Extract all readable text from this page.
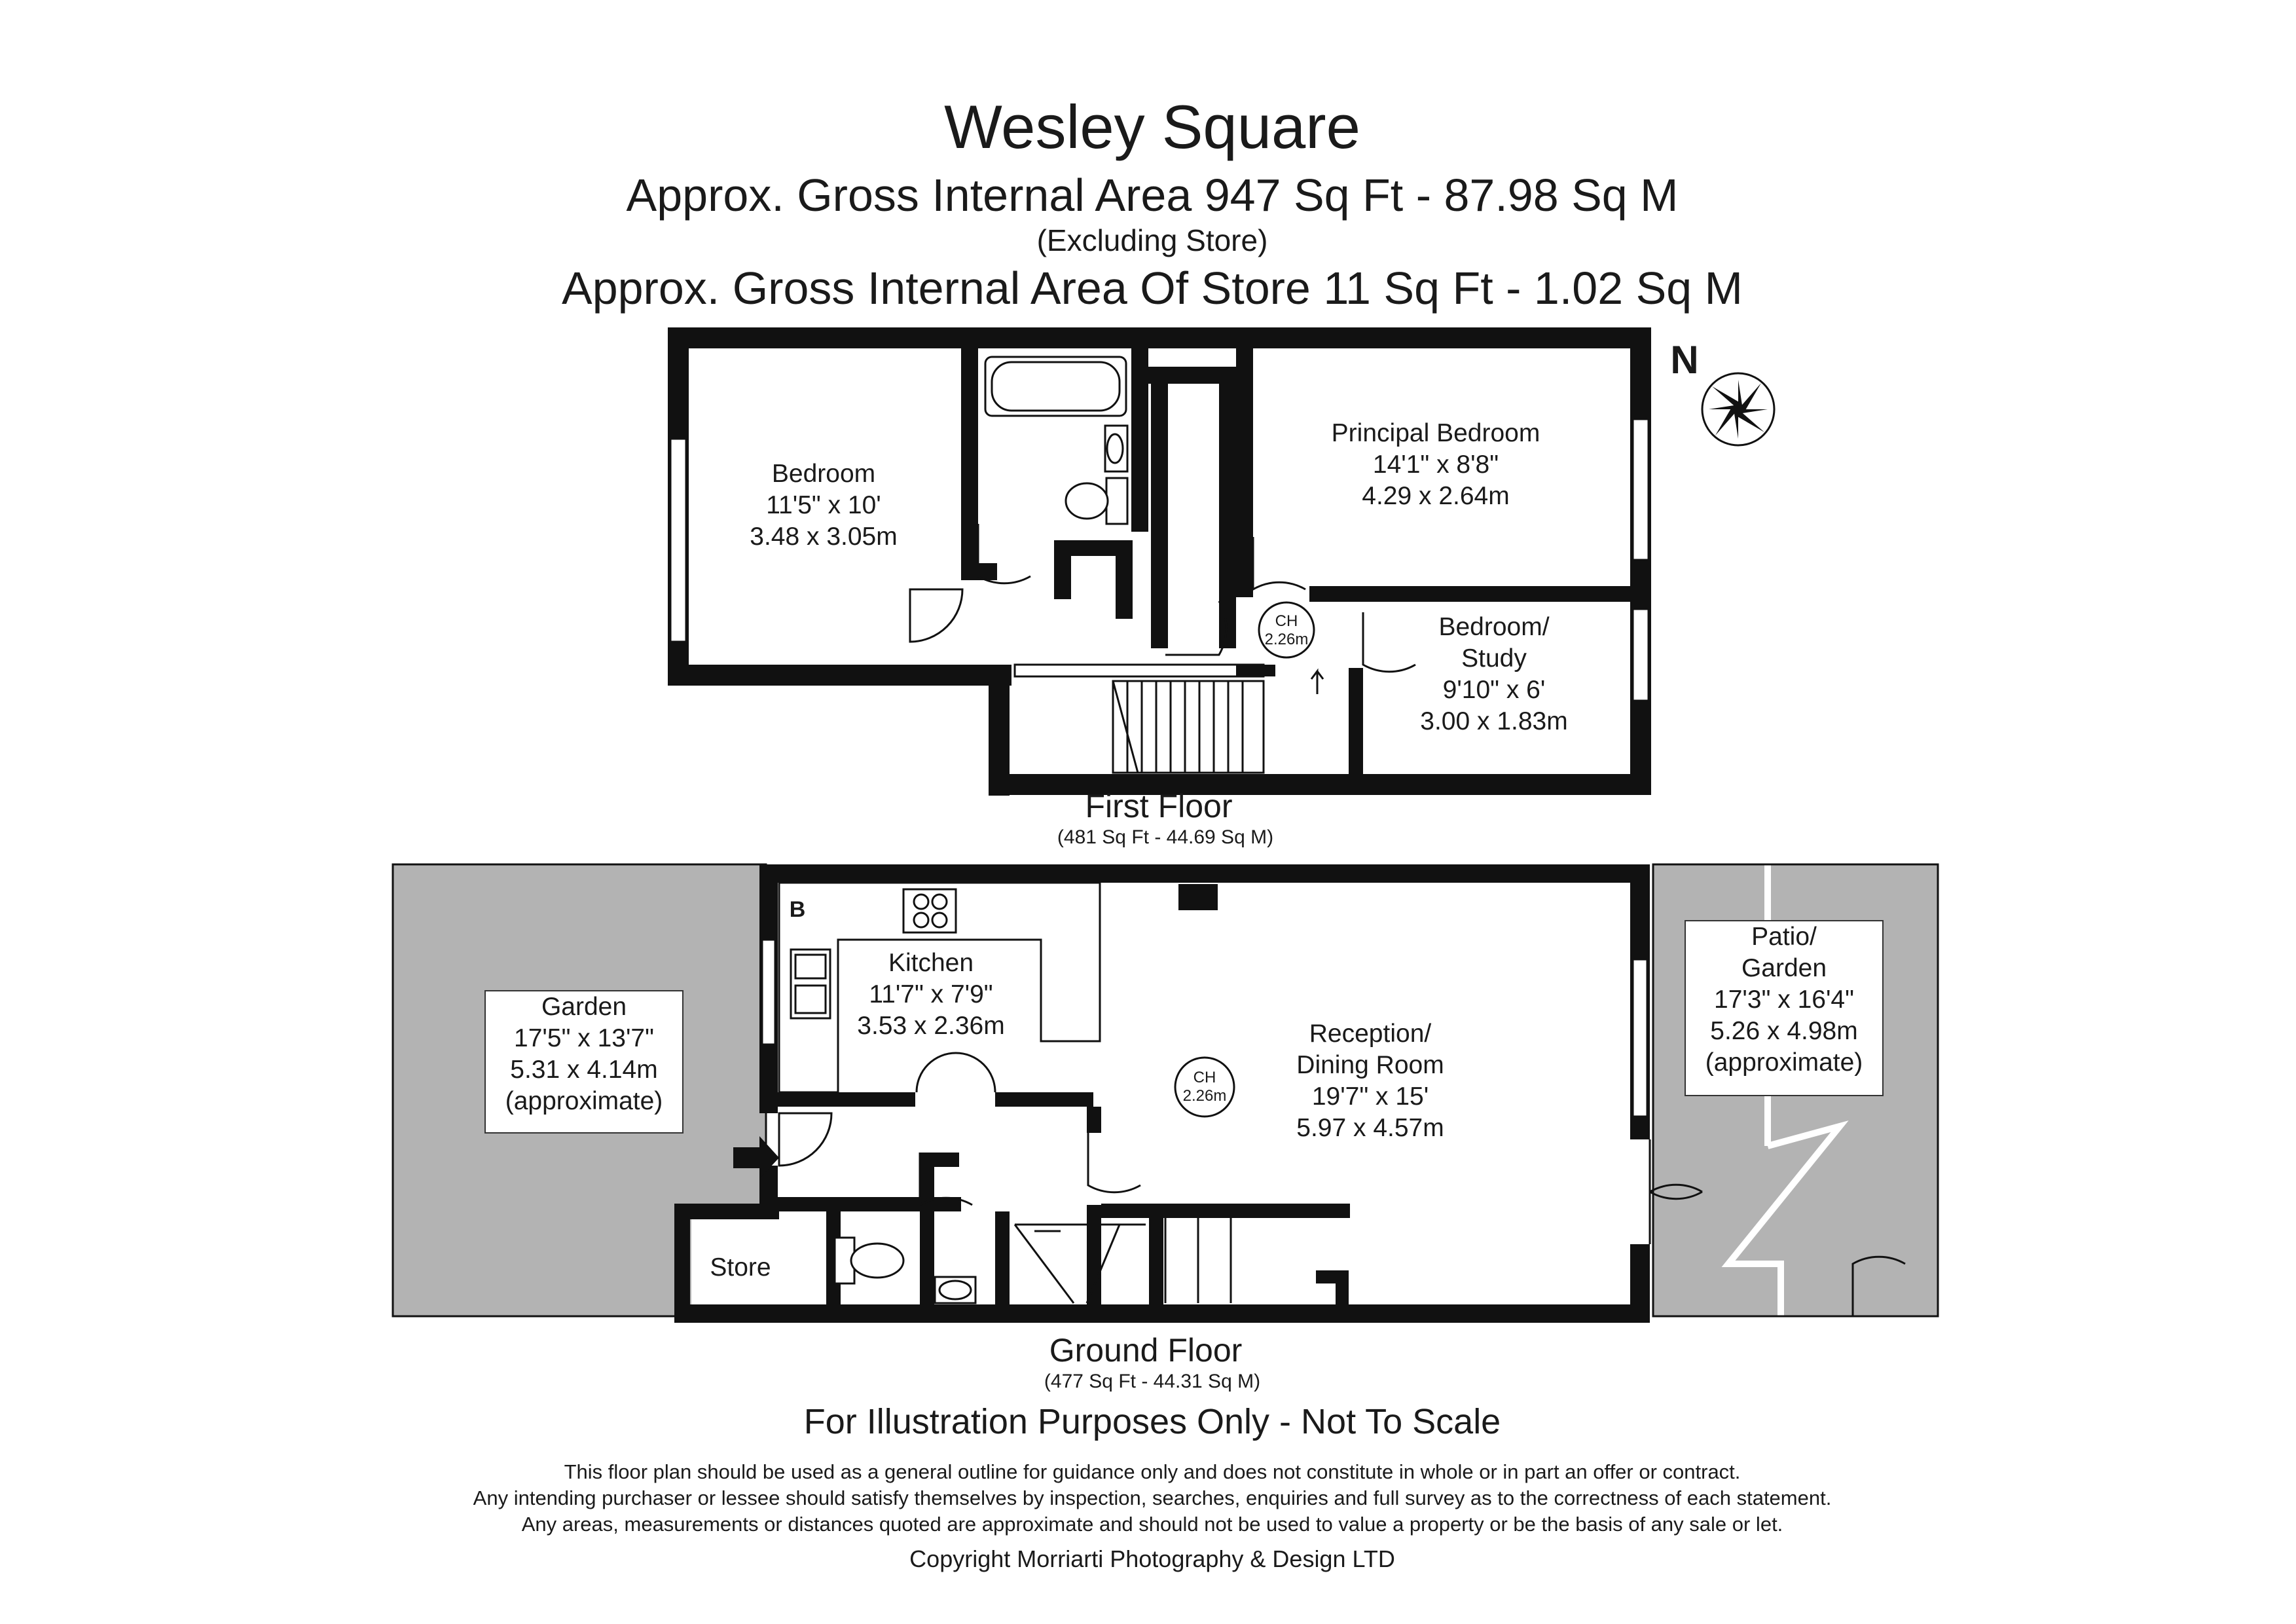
Wesley Square
Approx. Gross Internal Area 947 Sq Ft - 87.98 Sq M
(Excluding Store)
Approx. Gross Internal Area Of Store 11 Sq Ft - 1.02 Sq M
N
Bedroom
11'5" x 10'
3.48 x 3.05m
Principal Bedroom
14'1" x 8'8"
4.29 x 2.64m
Bedroom/
Study
9'10" x 6'
3.00 x 1.83m
CH
2.26m
First Floor
(481 Sq Ft - 44.69 Sq M)
B
Kitchen
11'7" x 7'9"
3.53 x 2.36m	Reception/
Dining Room
19'7" x 15'
5.97 x 4.57m
CH
2.26m
Store
Garden
17'5" x 13'7"
5.31 x 4.14m
(approximate)
Patio/
Garden
17'3" x 16'4"
5.26 x 4.98m
(approximate)
Ground Floor
(477 Sq Ft - 44.31 Sq M)
For Illustration Purposes Only - Not To Scale
This floor plan should be used as a general outline for guidance only and does not constitute in whole or in part an offer or contract.
Any intending purchaser or lessee should satisfy themselves by inspection, searches, enquiries and full survey as to the correctness of each statement.
Any areas, measurements or distances quoted are approximate and should not be used to value a property or be the basis of any sale or let.
Copyright Morriarti Photography & Design LTD
